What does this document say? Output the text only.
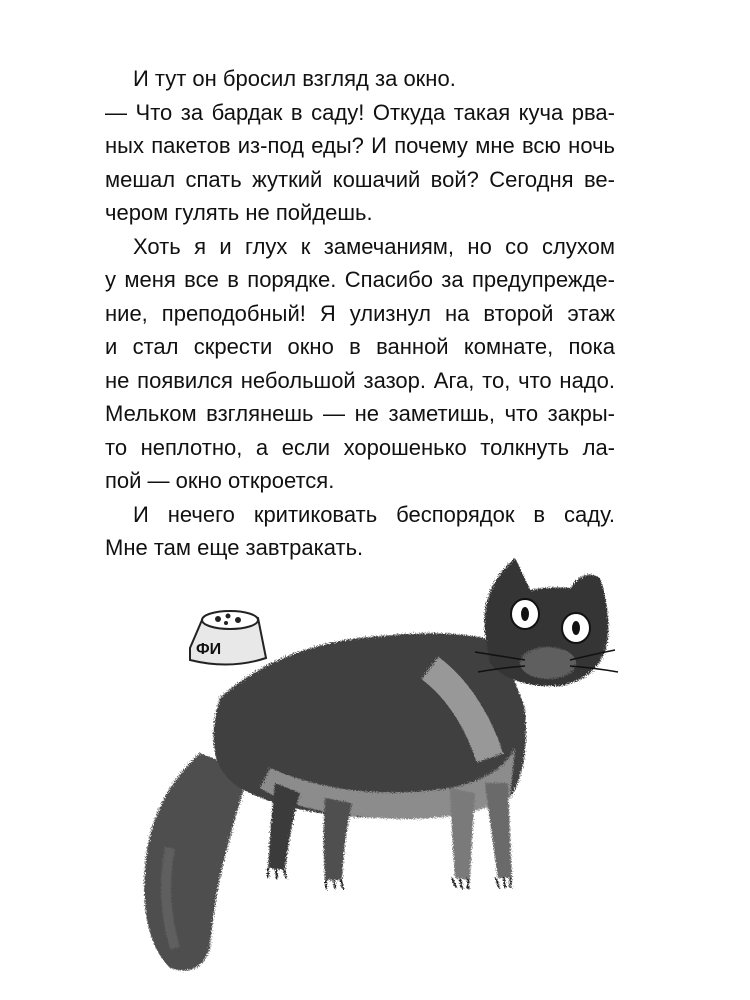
И тут он бросил взгляд за окно.
— Что за бардак в саду! Откуда такая куча рва-
ных пакетов из-под еды? И почему мне всю ночь
мешал спать жуткий кошачий вой? Сегодня ве-
чером гулять не пойдешь.
Хоть я и глух к замечаниям, но со слухом
у меня все в порядке. Спасибо за предупрежде-
ние, преподобный! Я улизнул на второй этаж
и стал скрести окно в ванной комнате, пока
не появился небольшой зазор. Ага, то, что надо.
Мельком взглянешь — не заметишь, что закры-
то неплотно, а если хорошенько толкнуть ла-
пой — окно откроется.
И нечего критиковать беспорядок в саду.
Мне там еще завтракать.
ФИ
